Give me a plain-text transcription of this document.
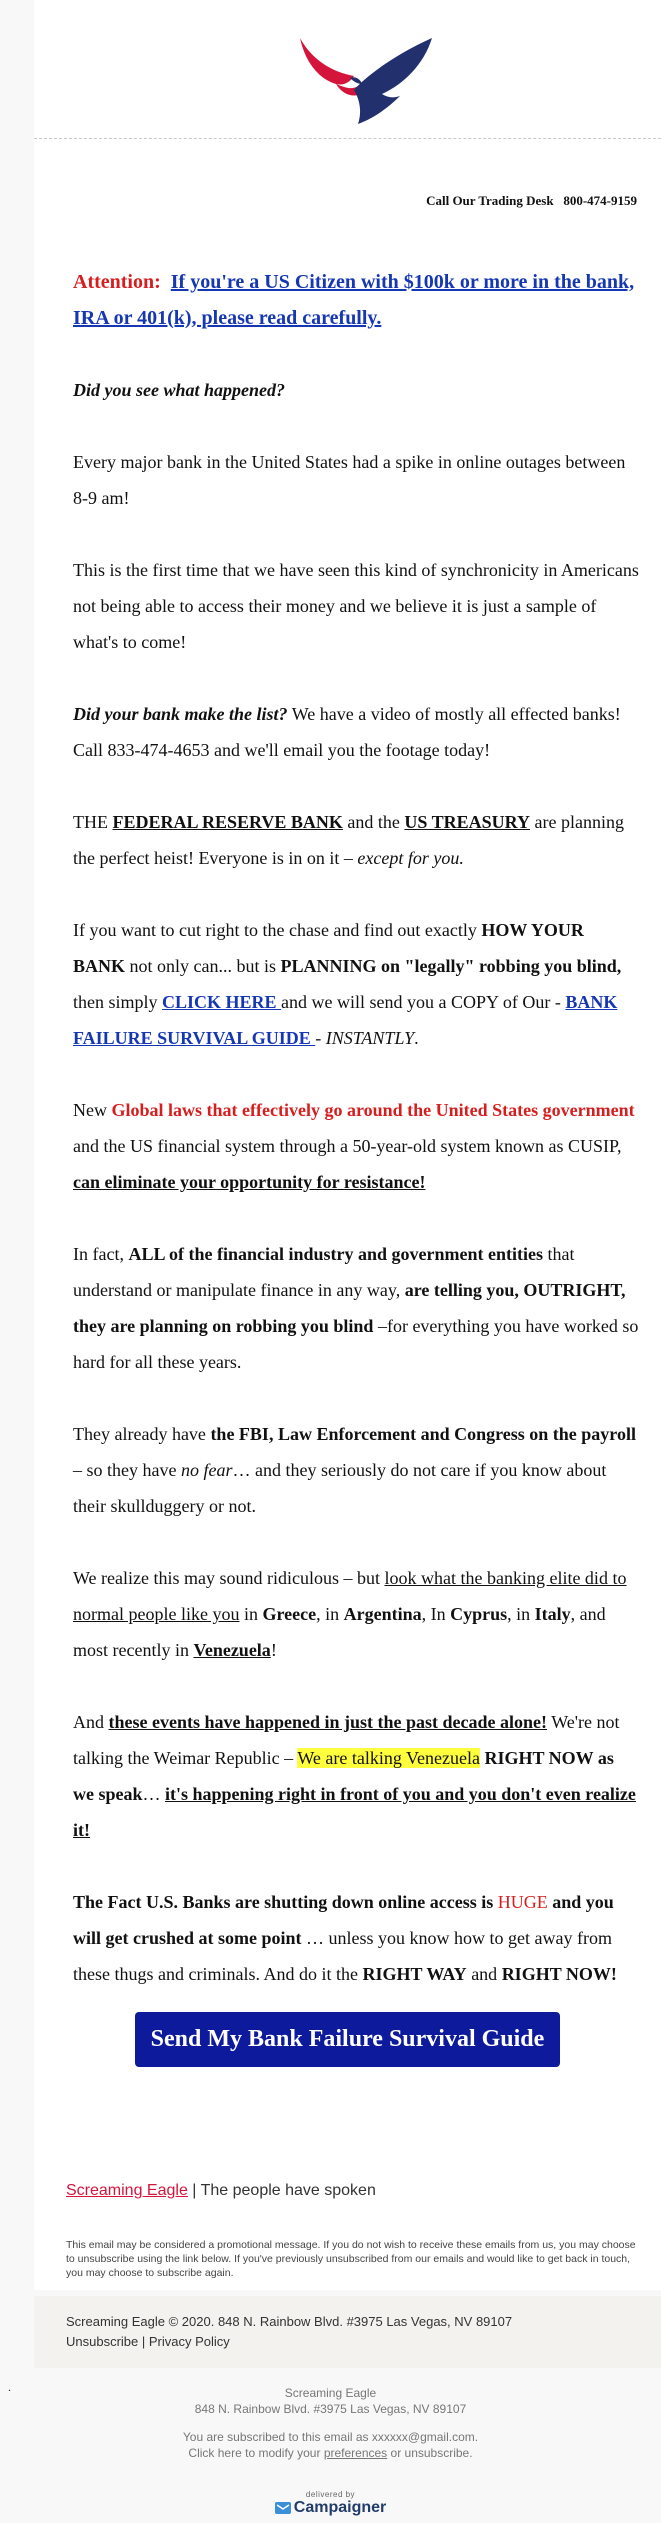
Call Our Trading Desk 800-474-9159

Attention: If you're a US Citizen with $100k or more in the bank, IRA or 401(k), please read carefully.

Did you see what happened?

Every major bank in the United States had a spike in online outages between 8-9 am!

This is the first time that we have seen this kind of synchronicity in Americans not being able to access their money and we believe it is just a sample of what's to come!

Did your bank make the list? We have a video of mostly all effected banks! Call 833-474-4653 and we'll email you the footage today!

THE FEDERAL RESERVE BANK and the US TREASURY are planning the perfect heist! Everyone is in on it – except for you.

If you want to cut right to the chase and find out exactly HOW YOUR BANK not only can... but is PLANNING on "legally" robbing you blind, then simply CLICK HERE and we will send you a COPY of Our - BANK FAILURE SURVIVAL GUIDE - INSTANTLY.

New Global laws that effectively go around the United States government and the US financial system through a 50-year-old system known as CUSIP, can eliminate your opportunity for resistance!

In fact, ALL of the financial industry and government entities that understand or manipulate finance in any way, are telling you, OUTRIGHT, they are planning on robbing you blind –for everything you have worked so hard for all these years.

They already have the FBI, Law Enforcement and Congress on the payroll – so they have no fear… and they seriously do not care if you know about their skullduggery or not.

We realize this may sound ridiculous – but look what the banking elite did to normal people like you in Greece, in Argentina, In Cyprus, in Italy, and most recently in Venezuela!

And these events have happened in just the past decade alone! We're not talking the Weimar Republic – We are talking Venezuela RIGHT NOW as we speak… it's happening right in front of you and you don't even realize it!

The Fact U.S. Banks are shutting down online access is HUGE and you will get crushed at some point … unless you know how to get away from these thugs and criminals. And do it the RIGHT WAY and RIGHT NOW!

Send My Bank Failure Survival Guide
Screaming Eagle | The people have spoken
This email may be considered a promotional message. If you do not wish to receive these emails from us, you may choose to unsubscribe using the link below. If you've previously unsubscribed from our emails and would like to get back in touch, you may choose to subscribe again.
Screaming Eagle © 2020. 848 N. Rainbow Blvd. #3975 Las Vegas, NV 89107
Unsubscribe | Privacy Policy
.	Screaming Eagle
848 N. Rainbow Blvd. #3975 Las Vegas, NV 89107
You are subscribed to this email as xxxxxx@gmail.com.
Click here to modify your preferences or unsubscribe.
delivered by
Campaigner
